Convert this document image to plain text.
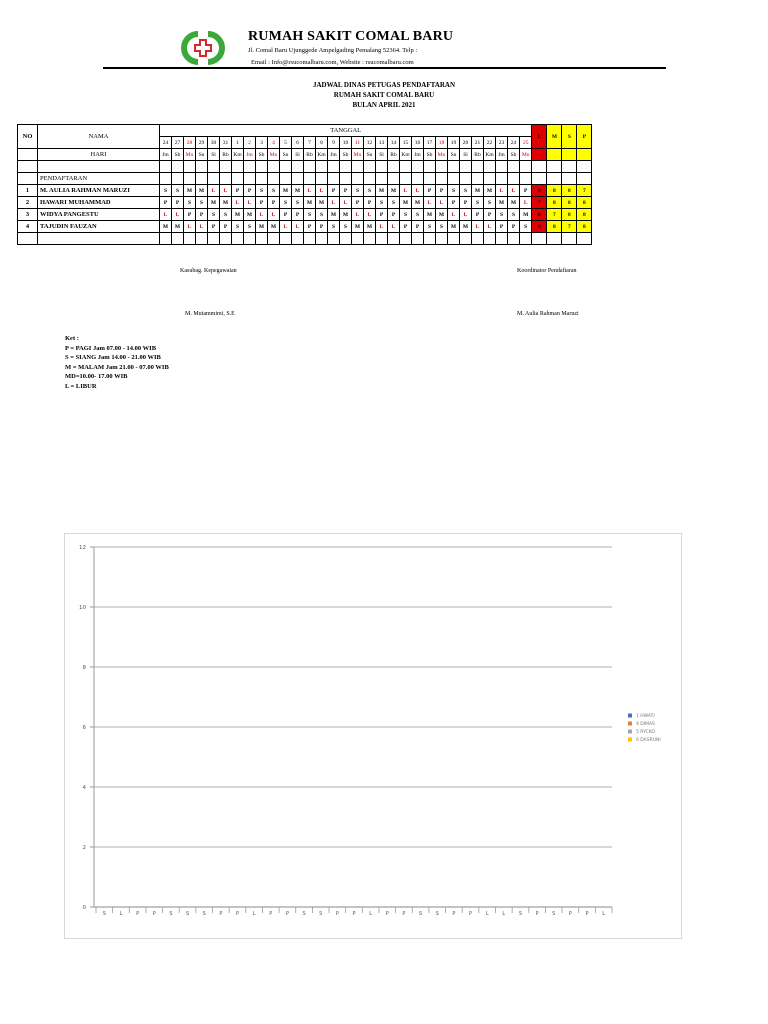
RUMAH SAKIT COMAL BARU
Jl. Comal Baru Ujunggede Ampelgading Pemalang 52364. Telp :
Email : Info@rsucomalbaru.com, Website : rsucomalbaru.com
JADWAL DINAS PETUGAS PENDAFTARAN
RUMAH SAKIT COMAL BARU
BULAN APRIL 2021
NO	NAMA	TANGGAL																															L	M	S	P
		24	27	28	29	30	31	1	2	3	4	5	6	7	8	9	10	11	12	13	14	15	16	17	18	19	20	21	22	23	24	25				
	HARI	Jm	Sb	Mn	Sn	Sl	Rb	Km	Jm	Sb	Mn	Sn	Sl	Rb	Km	Jm	Sb	Mn	Sn	Sl	Rb	Km	Jm	Sb	Mn	Sn	Sl	Rb	Km	Jm	Sb	Mn				

	PENDAFTARAN																																			
1	M. AULIA RAHMAN MARUZI	S	S	M	M	L	L	P	P	S	S	M	M	L	L	P	P	S	S	M	M	L	L	P	P	S	S	M	M	L	L	P	8	8	8	7
2	HAWARI MUHAMMAD	P	P	S	S	M	M	L	L	P	P	S	S	M	M	L	L	P	P	S	S	M	M	L	L	P	P	S	S	M	M	L	7	8	8	8
3	WIDYA PANGESTU	L	L	P	P	S	S	M	M	L	L	P	P	S	S	M	M	L	L	P	P	S	S	M	M	L	L	P	P	S	S	M	8	7	8	8
4	TAJUDIN FAUZAN	M	M	L	L	P	P	S	S	M	M	L	L	P	P	S	S	M	M	L	L	P	P	S	S	M	M	L	L	P	P	S	8	8	7	8

Kasubag. Kepegawaian
M. Mutammimi, S.E
Koordinator Pendaftaran
M. Aulia Rahman Maruzi
Ket :
P = PAGI Jam 07.00 - 14.00 WIB
S = SIANG Jam 14.00 - 21.00 WIB
M = MALAM Jam 21.00 - 07.00 WIB
MD=10.00- 17.00 WIB
L = LIBUR
0
2
4
6
8
10
12
S	L	P	P	S	S	S	P	P	L	P	P	S	S	P	P	L	P	P	S	S	P	P	L	L	S	P	S	P	P	L
1 HWATI
4 DIMAS
5 RYCKO
6 DASRUNI
